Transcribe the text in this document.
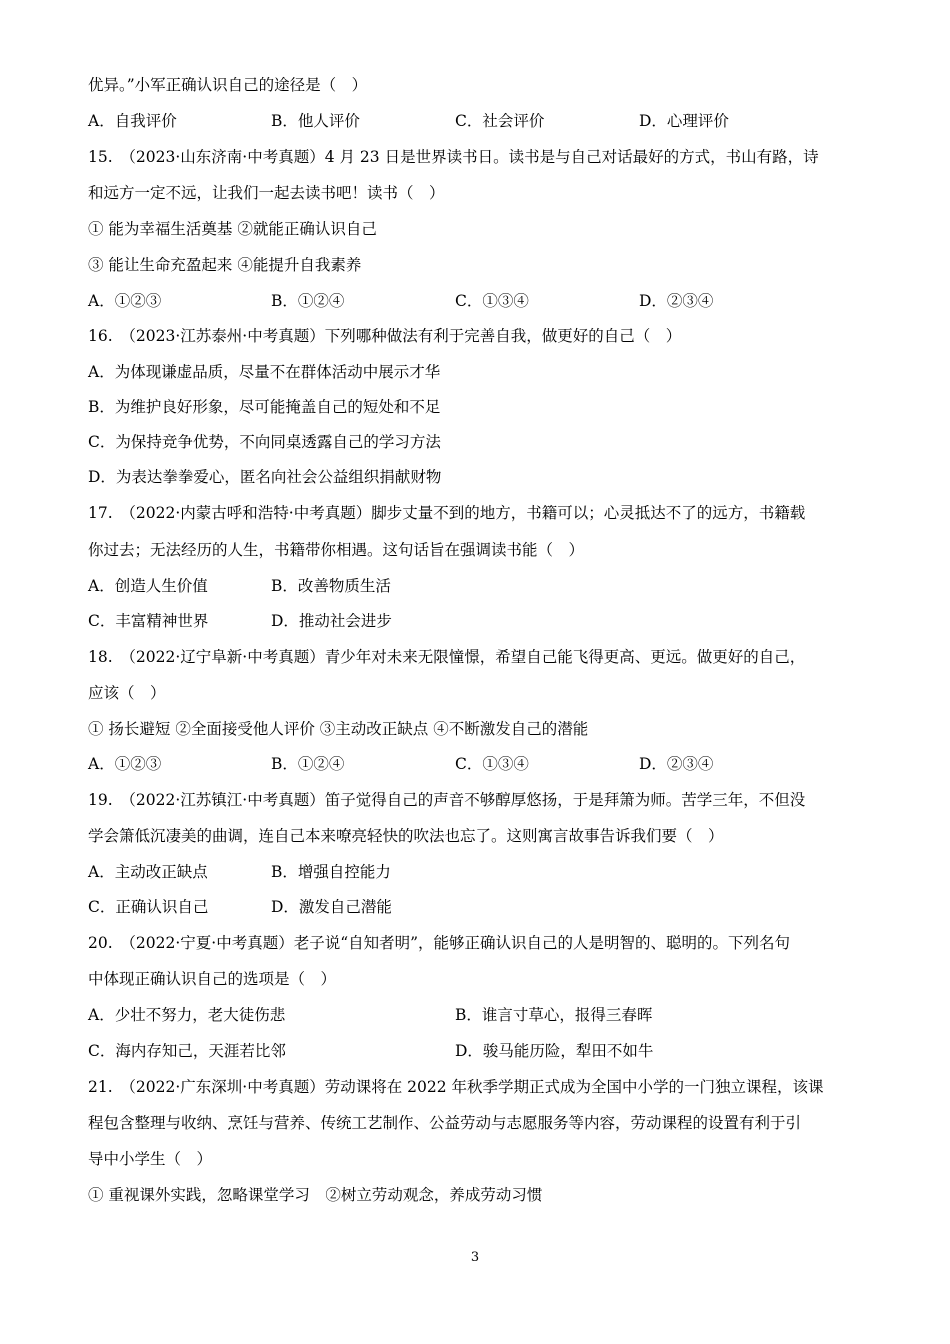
优异。”小军正确认识自己的途径是（　）
A．自我评价	B．他人评价	C．社会评价	D．心理评价
15.　（2023·山东济南·中考真题）4 月 23 日是世界读书日。读书是与自己对话最好的方式，书山有路，诗
和远方一定不远，让我们一起去读书吧！读书（　）
① 能为幸福生活奠基 ②就能正确认识自己
③ 能让生命充盈起来 ④能提升自我素养
A．①②③	B．①②④	C．①③④	D．②③④
16.　（2023·江苏泰州·中考真题）下列哪种做法有利于完善自我，做更好的自己（　）
A．为体现谦虚品质，尽量不在群体活动中展示才华
B．为维护良好形象，尽可能掩盖自己的短处和不足
C．为保持竞争优势，不向同桌透露自己的学习方法
D．为表达拳拳爱心，匿名向社会公益组织捐献财物
17.　（2022·内蒙古呼和浩特·中考真题）脚步丈量不到的地方，书籍可以；心灵抵达不了的远方，书籍载
你过去；无法经历的人生，书籍带你相遇。这句话旨在强调读书能（　）
A．创造人生价值	B．改善物质生活
C．丰富精神世界	D．推动社会进步
18.　（2022·辽宁阜新·中考真题）青少年对未来无限憧憬，希望自己能飞得更高、更远。做更好的自己，
应该（　）
① 扬长避短 ②全面接受他人评价 ③主动改正缺点 ④不断激发自己的潜能
A．①②③	B．①②④	C．①③④	D．②③④
19.　（2022·江苏镇江·中考真题）笛子觉得自己的声音不够醇厚悠扬，于是拜箫为师。苦学三年，不但没
学会箫低沉凄美的曲调，连自己本来嘹亮轻快的吹法也忘了。这则寓言故事告诉我们要（　）
A．主动改正缺点	B．增强自控能力
C．正确认识自己	D．激发自己潜能
20.　（2022·宁夏·中考真题）老子说“自知者明”，能够正确认识自己的人是明智的、聪明的。下列名句
中体现正确认识自己的选项是（　）
A．少壮不努力，老大徒伤悲	B．谁言寸草心，报得三春晖
C．海内存知己，天涯若比邻	D．骏马能历险，犁田不如牛
21.　（2022·广东深圳·中考真题）劳动课将在 2022 年秋季学期正式成为全国中小学的一门独立课程，该课
程包含整理与收纳、烹饪与营养、传统工艺制作、公益劳动与志愿服务等内容，劳动课程的设置有利于引
导中小学生（　）
① 重视课外实践，忽略课堂学习　②树立劳动观念，养成劳动习惯
3
